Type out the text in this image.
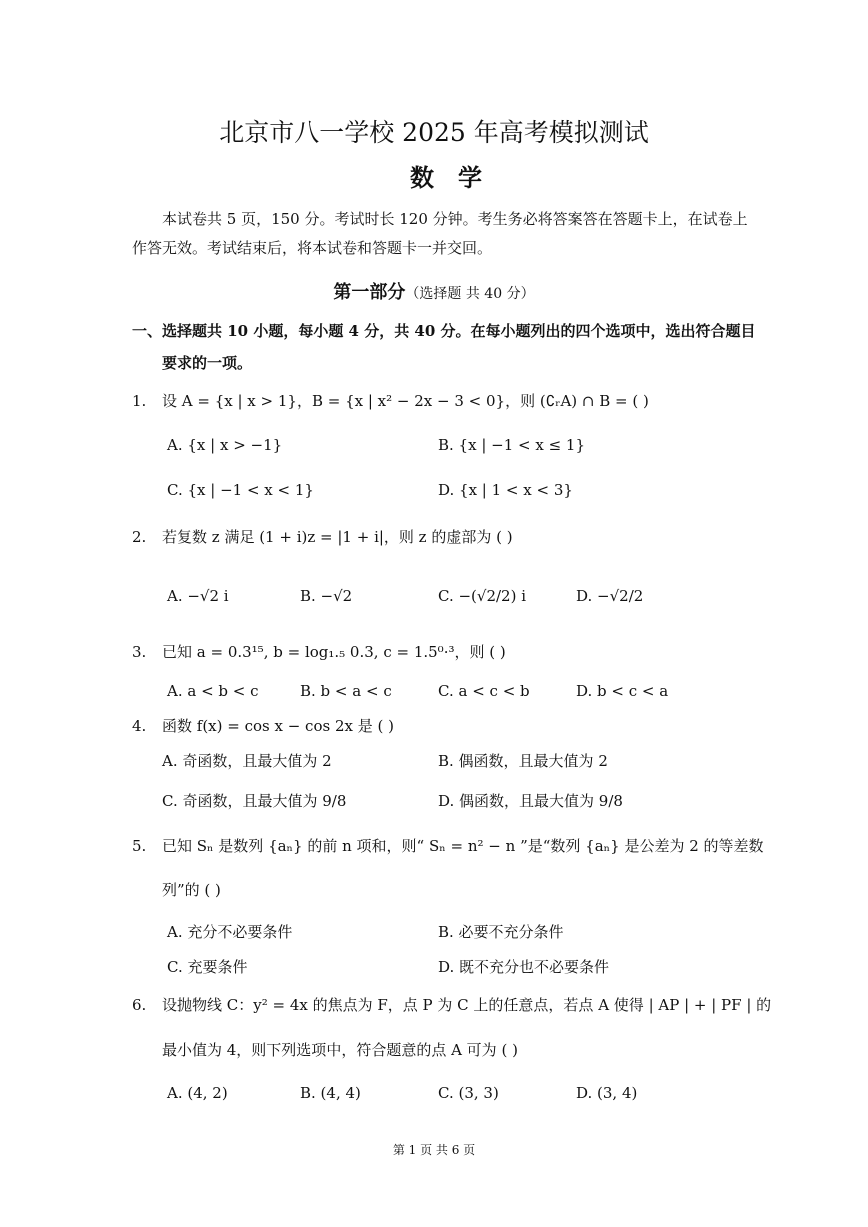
北京市八一学校 2025 年高考模拟测试
数学
本试卷共 5 页，150 分。考试时长 120 分钟。考生务必将答案答在答题卡上，在试卷上
作答无效。考试结束后，将本试卷和答题卡一并交回。
第一部分（选择题 共 40 分）
一、选择题共 10 小题，每小题 4 分，共 40 分。在每小题列出的四个选项中，选出符合题目
要求的一项。
1. 设 A = {x | x > 1}，B = {x | x² − 2x − 3 < 0}，则 (∁ᵣA) ∩ B = ( )
A. {x | x > −1}	B. {x | −1 < x ≤ 1}
C. {x | −1 < x < 1}	D. {x | 1 < x < 3}
2. 若复数 z 满足 (1 + i)z = |1 + i|，则 z 的虚部为 ( )
A. −√2 i	B. −√2	C. −(√2/2) i	D. −√2/2
3. 已知 a = 0.3¹⁵, b = log₁.₅ 0.3, c = 1.5⁰·³，则 ( )
A. a < b < c	B. b < a < c	C. a < c < b	D. b < c < a
4. 函数 f(x) = cos x − cos 2x 是 ( )
A. 奇函数，且最大值为 2	B. 偶函数，且最大值为 2
C. 奇函数，且最大值为 9/8	D. 偶函数，且最大值为 9/8
5. 已知 Sₙ 是数列 {aₙ} 的前 n 项和，则“ Sₙ = n² − n ”是“数列 {aₙ} 是公差为 2 的等差数
列”的 ( )
A. 充分不必要条件	B. 必要不充分条件
C. 充要条件	D. 既不充分也不必要条件
6. 设抛物线 C：y² = 4x 的焦点为 F，点 P 为 C 上的任意点，若点 A 使得 | AP | + | PF | 的
最小值为 4，则下列选项中，符合题意的点 A 可为 ( )
A. (4, 2)	B. (4, 4)	C. (3, 3)	D. (3, 4)
第 1 页 共 6 页
